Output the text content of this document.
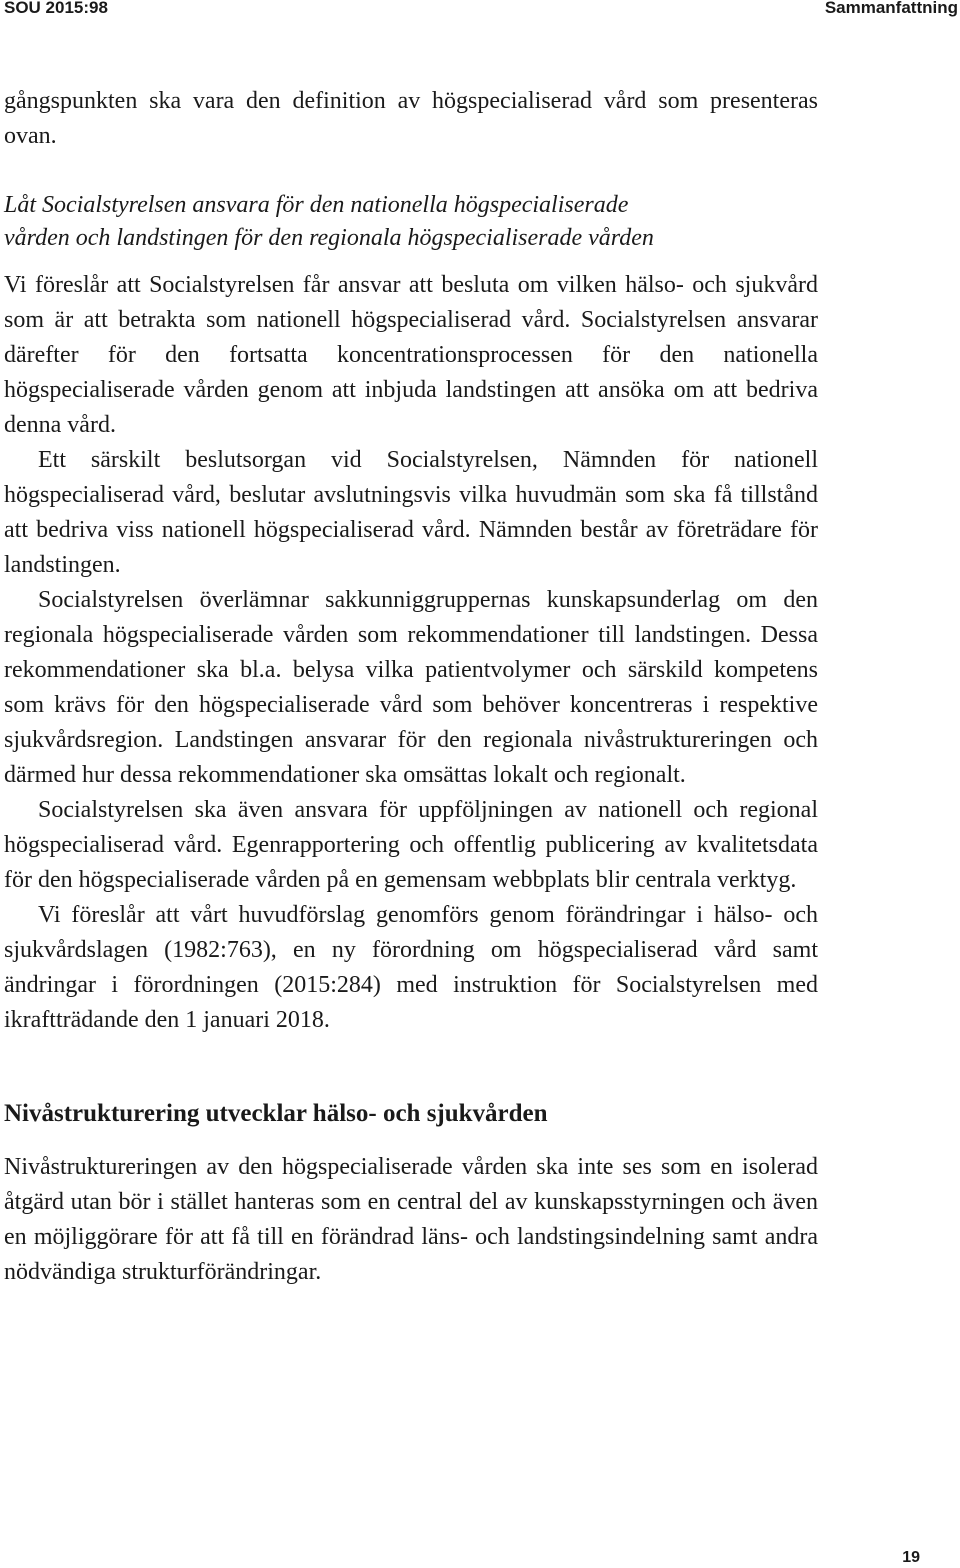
SOU 2015:98	Sammanfattning

gångspunkten ska vara den definition av högspecialiserad vård som presenteras ovan.

Låt Socialstyrelsen ansvara för den nationella högspecialiserade

vården och landstingen för den regionala högspecialiserade vården

Vi föreslår att Socialstyrelsen får ansvar att besluta om vilken hälso- och sjukvård som är att betrakta som nationell högspecialiserad vård. Socialstyrelsen ansvarar därefter för den fortsatta koncentrationsprocessen för den nationella högspecialiserade vården genom att inbjuda landstingen att ansöka om att bedriva denna vård.

Ett särskilt beslutsorgan vid Socialstyrelsen, Nämnden för nationell högspecialiserad vård, beslutar avslutningsvis vilka huvudmän som ska få tillstånd att bedriva viss nationell högspecialiserad vård. Nämnden består av företrädare för landstingen.

Socialstyrelsen överlämnar sakkunniggruppernas kunskapsunderlag om den regionala högspecialiserade vården som rekommendationer till landstingen. Dessa rekommendationer ska bl.a. belysa vilka patientvolymer och särskild kompetens som krävs för den högspecialiserade vård som behöver koncentreras i respektive sjukvårdsregion. Landstingen ansvarar för den regionala nivåstruktureringen och därmed hur dessa rekommendationer ska omsättas lokalt och regionalt.

Socialstyrelsen ska även ansvara för uppföljningen av nationell och regional högspecialiserad vård. Egenrapportering och offentlig publicering av kvalitetsdata för den högspecialiserade vården på en gemensam webbplats blir centrala verktyg.

Vi föreslår att vårt huvudförslag genomförs genom förändringar i hälso- och sjukvårdslagen (1982:763), en ny förordning om högspecialiserad vård samt ändringar i förordningen (2015:284) med instruktion för Socialstyrelsen med ikraftträdande den 1 januari 2018.

Nivåstrukturering utvecklar hälso- och sjukvården

Nivåstruktureringen av den högspecialiserade vården ska inte ses som en isolerad åtgärd utan bör i stället hanteras som en central del av kunskapsstyrningen och även en möjliggörare för att få till en förändrad läns- och landstingsindelning samt andra nödvändiga strukturförändringar.

19
